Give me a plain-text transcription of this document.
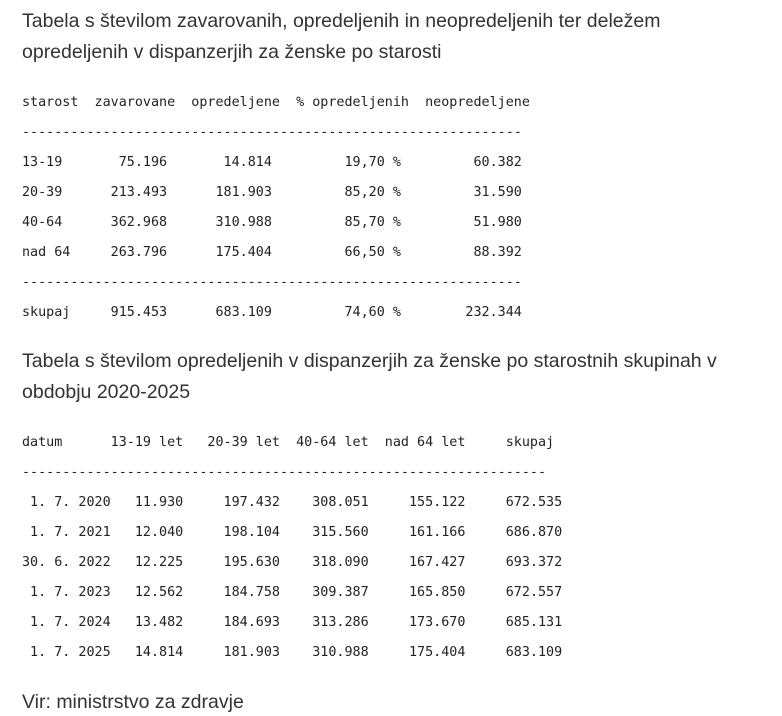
Tabela s številom zavarovanih, opredeljenih in neopredeljenih ter deležem opredeljenih v dispanzerjih za ženske po starosti
starost  zavarovane  opredeljene  % opredeljenih  neopredeljene
--------------------------------------------------------------
13-19       75.196       14.814         19,70 %         60.382
20-39      213.493      181.903         85,20 %         31.590
40-64      362.968      310.988         85,70 %         51.980
nad 64     263.796      175.404         66,50 %         88.392
--------------------------------------------------------------
skupaj     915.453      683.109         74,60 %        232.344
Tabela s številom opredeljenih v dispanzerjih za ženske po starostnih skupinah v obdobju 2020-2025
datum      13-19 let   20-39 let  40-64 let  nad 64 let     skupaj
-----------------------------------------------------------------
1. 7. 2020   11.930     197.432    308.051     155.122     672.535
1. 7. 2021   12.040     198.104    315.560     161.166     686.870
30. 6. 2022   12.225     195.630    318.090     167.427     693.372
1. 7. 2023   12.562     184.758    309.387     165.850     672.557
1. 7. 2024   13.482     184.693    313.286     173.670     685.131
1. 7. 2025   14.814     181.903    310.988     175.404     683.109
Vir: ministrstvo za zdravje
